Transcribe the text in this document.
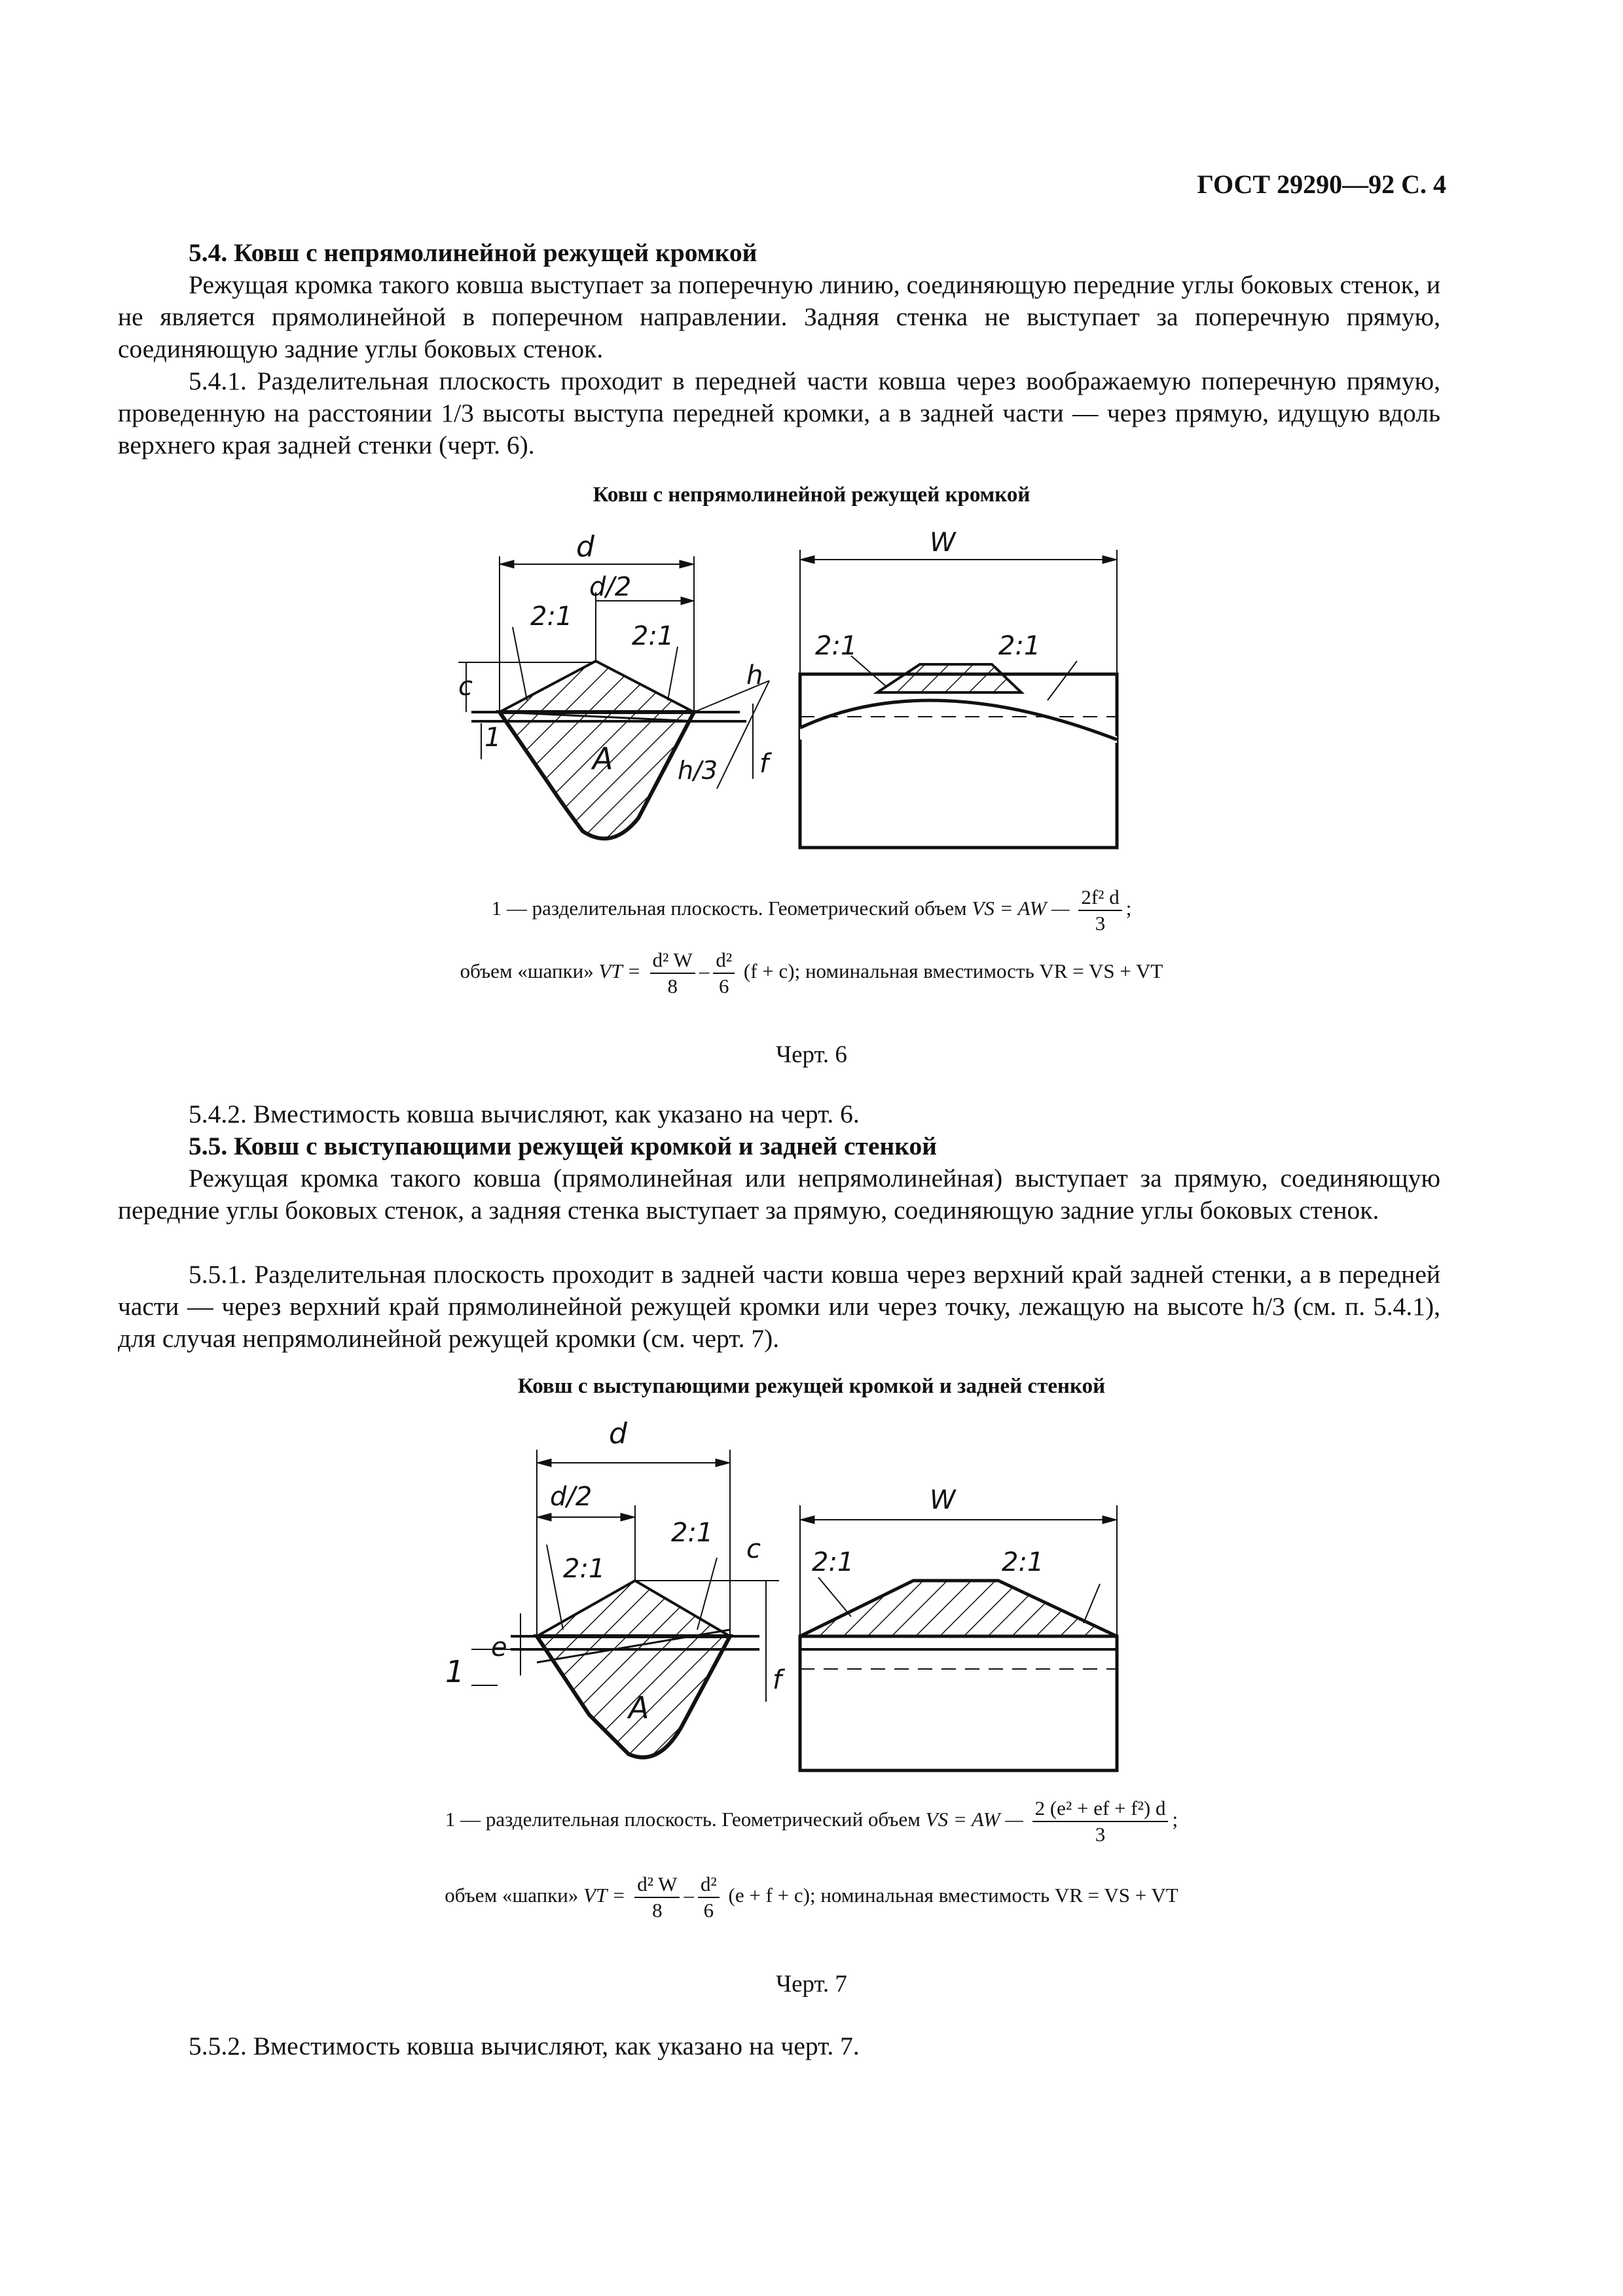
ГОСТ 29290—92 С. 4
5.4. Ковш с непрямолинейной режущей кромкой
Режущая кромка такого ковша выступает за поперечную линию, соединяющую передние углы боковых стенок, и не является прямолинейной в поперечном направлении. Задняя стенка не выступает за поперечную прямую, соединяющую задние углы боковых стенок.
5.4.1. Разделительная плоскость проходит в передней части ковша через воображаемую поперечную прямую, проведенную на расстоянии 1/3 высоты выступа передней кромки, а в задней части — через прямую, идущую вдоль верхнего края задней стенки (черт. 6).
Ковш с непрямолинейной режущей кромкой
d
d/2
2:1
2:1
c
1
A
h
h/3 f
W
2:1	2:1
1 — разделительная плоскость. Геометрический объем VS = AW — $\frac{\text{2f² d}}{3}$ ;
объем «шапки» VT = $\frac{\text{d² W}}{8} - \frac{\text{d²}}{6} (f + c)$; номинальная вместимость VR = VS + VT
Черт. 6
5.4.2. Вместимость ковша вычисляют, как указано на черт. 6.
5.5. Ковш с выступающими режущей кромкой и задней стенкой
Режущая кромка такого ковша (прямолинейная или непрямолинейная) выступает за прямую, соединяющую передние углы боковых стенок, а задняя стенка выступает за прямую, соединяющую задние углы боковых стенок.
5.5.1. Разделительная плоскость проходит в задней части ковша через верхний край задней стенки, а в передней части — через верхний край прямолинейной режущей кромки или через точку, лежащую на высоте h/3 (см. п. 5.4.1), для случая непрямолинейной режущей кромки (см. черт. 7).
Ковш с выступающими режущей кромкой и задней стенкой
d
d/2
2:1
2:1
c
e
1
A
f
W
2:1	2:1
1 — разделительная плоскость. Геометрический объем VS = AW — $\frac{\text{2 (e² + ef + f²) d}}{3}$ ;
объем «шапки» VT = $\frac{\text{d² W}}{8} - \frac{\text{d²}}{6} (e + f + c)$; номинальная вместимость VR = VS + VT
Черт. 7
5.5.2. Вместимость ковша вычисляют, как указано на черт. 7.
